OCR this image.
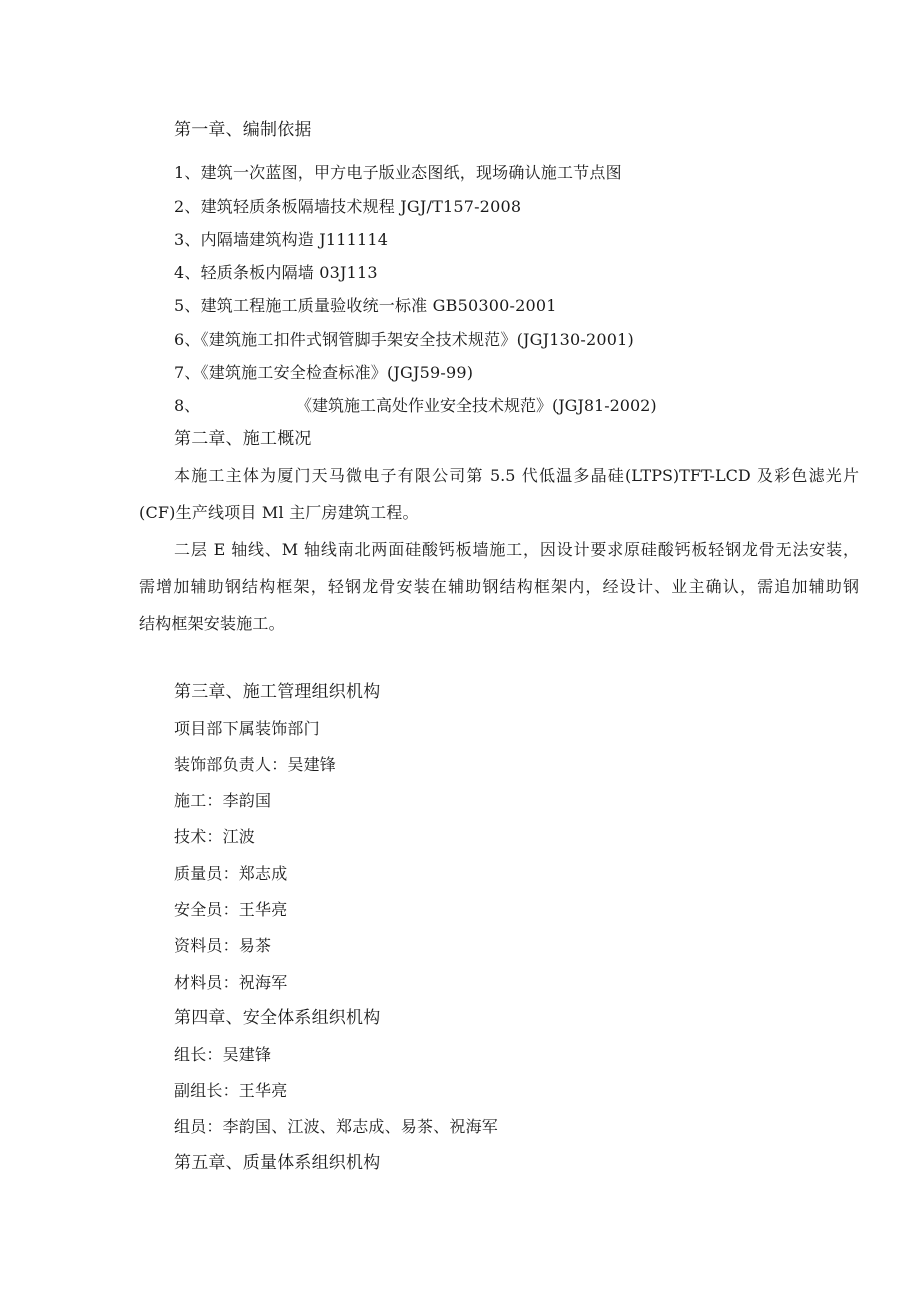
第一章、编制依据
1、建筑一次蓝图，甲方电子版业态图纸，现场确认施工节点图
2、建筑轻质条板隔墙技术规程 JGJ/T157-2008
3、内隔墙建筑构造 J111114
4、轻质条板内隔墙 03J113
5、建筑工程施工质量验收统一标准 GB50300-2001
6、《建筑施工扣件式钢管脚手架安全技术规范》(JGJ130-2001)
7、《建筑施工安全检查标准》(JGJ59-99)
8、	《建筑施工高处作业安全技术规范》(JGJ81-2002)
第二章、施工概况
本施工主体为厦门天马微电子有限公司第 5.5 代低温多晶硅(LTPS)TFT-LCD 及彩色滤光片
(CF)生产线项目 Ml 主厂房建筑工程。
二层 E 轴线、M 轴线南北两面硅酸钙板墙施工，因设计要求原硅酸钙板轻钢龙骨无法安装，
需增加辅助钢结构框架，轻钢龙骨安装在辅助钢结构框架内，经设计、业主确认，需追加辅助钢
结构框架安装施工。
第三章、施工管理组织机构
项目部下属装饰部门
装饰部负责人：吴建锋
施工：李韵国
技术：江波
质量员：郑志成
安全员：王华亮
资料员：易茶
材料员：祝海军
第四章、安全体系组织机构
组长：吴建锋
副组长：王华亮
组员：李韵国、江波、郑志成、易茶、祝海军
第五章、质量体系组织机构
